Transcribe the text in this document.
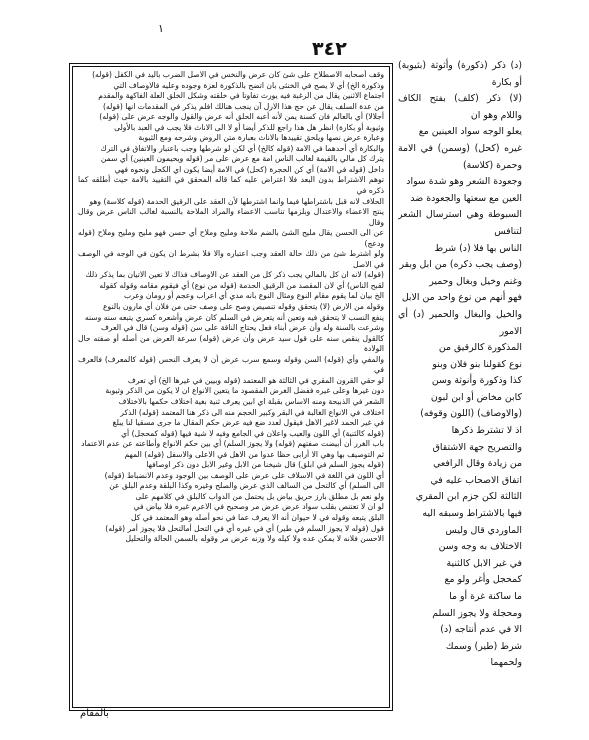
١
٣٤٢

وقف أصحابه الاصطلاح على شئ كان عرض والنخس في الاصل الضرب باليد في الكفل (قوله)

وذكورة الخ) أي لا يصح في الخنثى بان اتضح بالذكورة لعزة وجوده وعليه فالاوصاف التي

اجتماع الاثنين يقال من الرغبة فيه يورث تفاوتا في خلقته وشكل الخلق العلة الفاكهة والمقدم

من عدة السلف يقال عن حج هذا الارل آن ينجب هنالك افلم يذكر في المقدمات انها (قوله)

أجلالا) أي بالعالم فان كسنة يمن لأنه أعبه الحلق أنه عرض والقول والوجه عرض على (قوله)

وثيوبة أو بكارة) انظر هل هذا راجع للذكر أيضا أو لا الى الاناث فلا يجب في العبد بالأولى

وعبارة عرض نصها ويلحق تقييدها بالاناث بعبارة متن الروض وشرحه ومع الثيوبة

والبكارة أي أحدهما في الامة (قوله كالخ) أي لكن لو شرطها وجب باعتبار والاتفاق في الترك

يترك كل مالي بالقيمة لغالب الناس امة مع عرض على مر (قوله ويحيمون العينين) أي سمن

داخل (قوله في الامة) أي كن الحجرة (كحل) في الامة أيضا يكون اي الكحل ونحوه فهي

توهم الاشتراط بدون البعد فلا اعتراض عليه كما قاله المحقق في التقييد بالامة حيث أطلقه كما ذكره في

الحلاف لانه قبل باشتراطها فيما وانما اشترطها لأن العقد على الرقيق الحدمة (قوله كلاسة) وهو

ينتج الاعضاء والاعتدال وبلزمها تناسب الاعضاء والمراد الملاحة بالنسبة لغالب الناس عرض وقال وقال

عن الى الحسن يقال مليح الشئ بالضم ملاحة ومليح وملاح أي حسن فهو مليح ومليح وملاح (قوله ودعج)

ولو اشترط شئ من ذلك حالة العقد وجب اعتباره والا فلا بشرط ان يكون في الوجه في الوصف في الاصل

(قوله) لانه ان كل بالمالي يجب ذكر كل من العقد عن الاوصاف فذاك لا تعين الاتيان بما يذكر ذلك

لقبح الناس) أي لان المقصد من الرقيق الحدمة (قوله من نوع) أي فيقوم مقامه وقوله كقوله

الخ بيان لما يقوم مقام النوع ومثال النوع بانه مدي أي اعراب وعجم أو رومان وعرب

وقوله من الارض (لا) يتحقق وقوله تنصيص وصح على وصف حتى من فلان أي مارون بالنوع

ينفع النسب لا يتحقق فيه وتعين أنه يتعرض في السلم كان عرض وأشعره كسري يتبعه سنه وسنه

وشرعت بالسنة وله وأن عرض أبناء فعل يحتاج الناقة على سن (قوله وسن) قال في العرف

كالقول ينقص سنه على قول سيد عرض وأن عرض (قوله) سرعة العرض من أصله أو صفته حال الولادة

والمفي وأي (قوله) السن وقوله وسمع سرب عرض أن لا يعرف النحس (قوله كالمعرف) فالعرف في

لو حقي القرون المقري في الثالثة هو المعتمد (قوله وبيين في غيرها الخ) أي تعرف

دون غيرها وعلى غيره ففضل الغرض المقصود ما يتعين الانواع ان لا يكون من الذكر وثيوبة

الشعر في الذبيحة ومنه الاساس بقبلة اي ابين يعرف ثنية بغية اختلاف حكمها بالاختلاف

اختلاف في الانواع الغالبة في البقر وكبير الحجم منه الى ذكر هنا المعتمد (قوله) الذكر

في غير الحمد لاغير الاهل فيقول لعدد ضع فيه عرض حكم المقال ما جرى مسقيا لنا يبلغ

(قوله كالثنية) أي اللون والعيب واعلان في الجامع وفيه لا شية فيها (قوله كمحجل) أي

باب الغرر أن أبيضت صفتهم (قوله) ولا يجوز السلم) أي بين حكم الانواع وأطاعته عن عدم الاعتماد

ثم التوصيف بها وهي الا أرابى حظا عدوا من الاهل في الاعلى والاسفل (قوله) المهم

(قوله يجوز السلم في ابلق) قال شيخنا من الابل وغير الابل دون ذكر اوصافها

أي اللون في اللغة في الاسلاف على عرض على الوصف بين الوجود وعدم الانضباط (قوله)

الى السلم) أي كالتحل من السالف الذي عرض والصلح وغيره وكذا البلقة وعدم البلق عن

ولو نعم بل مطلق بارز حريق بياض بل يحتمل من الدواب كالبلق في كلامهم على

لو ان لا تعتنص بقلب سواد عرض عرض مر وصحيح في الاعرم غيره فلا بياض في

البلق يتبعه وقوله في لا حيوان أنه الا يعرف عما في نحو أصله وهو المعتمد في كل

قول (قوله لا يجوز السلم في طير) أي في غيره أي في التحل أمالتحل فلا يجوز أمر (قوله)

الاحسن فلانه لا يمكن عده ولا كيله ولا وزنه عرض مر وقوله بالسمن الحالة والتحليل

(د) ذكر (ذكورة) وأثوثة (بثيوبة) أو بكارة

(لا) ذكر (كلف) بفتح الكاف واللام وهو ان

يعلو الوجه سواد العينين مع

غيره (كحل) (وسمن) في الامة وحمرة (كلاسة)

وجعودة الشعر وهو شدة سواد

العين مع سعتها والجعودة ضد

السبوطة وهي استرسال الشعر لتنافس

الناس بها فلا (د) شرط

(وصف يجب ذكره) من ابل وبقر

وغنم وخيل وبغال وحمير

فهو أنهم من نوع واحد من الابل

والخيل والبغال والحمير (د) أي الامور

المذكورة كالرقيق من

نوع كقولنا بنو فلان وبنو

كذا وذكورة وأنوثة وسن

كابن مخاض أو ابن لبون

(والاوصاف) (اللون وقوفه)

اذ لا تشترط ذكرها

والتصريح جهة الاشتقاق

من زيادة وقال الرافعي

اتفاق الاصحاب عليه في

الثالثة لكن جزم ابن المقري

فيها بالاشتراط وسبقه اليه

الماوردي قال وليس

الاختلاف به وجه وسن

في غير الابل كالثنية

كمحجل وأغر ولو مع

ما ساكنة غرة أو ما

ومحجلة ولا يجوز السلم

الا في عدم أنتاجه (د)

شرط (طير) وسمك

ولحمهما

بالمقام
